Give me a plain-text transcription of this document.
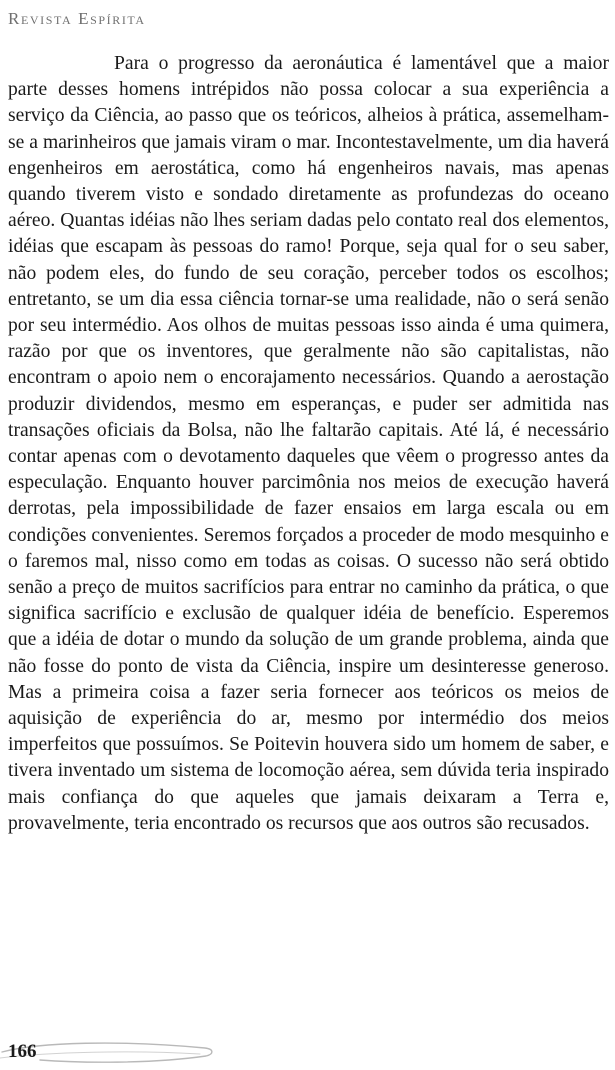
Revista Espírita

Para o progresso da aeronáutica é lamentável que a maior parte desses homens intrépidos não possa colocar a sua experiência a serviço da Ciência, ao passo que os teóricos, alheios à prática, assemelham-se a marinheiros que jamais viram o mar. Incontestavelmente, um dia haverá engenheiros em aerostática, como há engenheiros navais, mas apenas quando tiverem visto e sondado diretamente as profundezas do oceano aéreo. Quantas idéias não lhes seriam dadas pelo contato real dos elementos, idéias que escapam às pessoas do ramo! Porque, seja qual for o seu saber, não podem eles, do fundo de seu coração, perceber todos os escolhos; entretanto, se um dia essa ciência tornar-se uma realidade, não o será senão por seu intermédio. Aos olhos de muitas pessoas isso ainda é uma quimera, razão por que os inventores, que geralmente não são capitalistas, não encontram o apoio nem o encorajamento necessários. Quando a aerostação produzir dividendos, mesmo em esperanças, e puder ser admitida nas transações oficiais da Bolsa, não lhe faltarão capitais. Até lá, é necessário contar apenas com o devotamento daqueles que vêem o progresso antes da especulação. Enquanto houver parcimônia nos meios de execução haverá derrotas, pela impossibilidade de fazer ensaios em larga escala ou em condições convenientes. Seremos forçados a proceder de modo mesquinho e o faremos mal, nisso como em todas as coisas. O sucesso não será obtido senão a preço de muitos sacrifícios para entrar no caminho da prática, o que significa sacrifício e exclusão de qualquer idéia de benefício. Esperemos que a idéia de dotar o mundo da solução de um grande problema, ainda que não fosse do ponto de vista da Ciência, inspire um desinteresse generoso. Mas a primeira coisa a fazer seria fornecer aos teóricos os meios de aquisição de experiência do ar, mesmo por intermédio dos meios imperfeitos que possuímos. Se Poitevin houvera sido um homem de saber, e tivera inventado um sistema de locomoção aérea, sem dúvida teria inspirado mais confiança do que aqueles que jamais deixaram a Terra e, provavelmente, teria encontrado os recursos que aos outros são recusados.

166
